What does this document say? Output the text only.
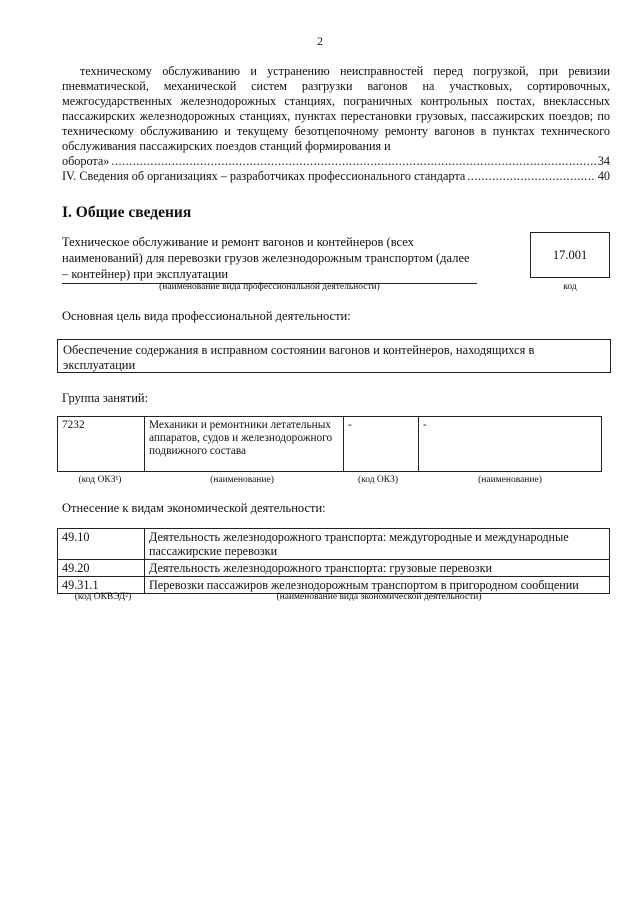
2
техническому обслуживанию и устранению неисправностей перед погрузкой, при ревизии пневматической, механической систем разгрузки вагонов на участковых, сортировочных, межгосударственных железнодорожных станциях, пограничных контрольных постах, внеклассных пассажирских железнодорожных станциях, пунктах перестановки грузовых, пассажирских поездов; по техническому обслуживанию и текущему безотцепочному ремонту вагонов в пунктах технического обслуживания пассажирских поездов станций формирования и
оборота» .....	34
IV. Сведения об организациях – разработчиках профессионального стандарта .....	40
I. Общие сведения
Техническое обслуживание и ремонт вагонов и контейнеров (всех наименований) для перевозки грузов железнодорожным транспортом (далее – контейнер) при эксплуатации
(наименование вида профессиональной деятельности)
17.001
код
Основная цель вида профессиональной деятельности:
Обеспечение содержания в исправном состоянии вагонов и контейнеров, находящихся в эксплуатации
Группа занятий:
7232	Механики и ремонтники летательных аппаратов, судов и железнодорожного подвижного состава	-	-
(код ОКЗ¹)	(наименование)	(код ОКЗ)	(наименование)
Отнесение к видам экономической деятельности:
49.10	Деятельность железнодорожного транспорта: междугородные и международные пассажирские перевозки
49.20	Деятельность железнодорожного транспорта: грузовые перевозки
49.31.1	Перевозки пассажиров железнодорожным транспортом в пригородном сообщении
(код ОКВЭД²)	(наименование вида экономической деятельности)
